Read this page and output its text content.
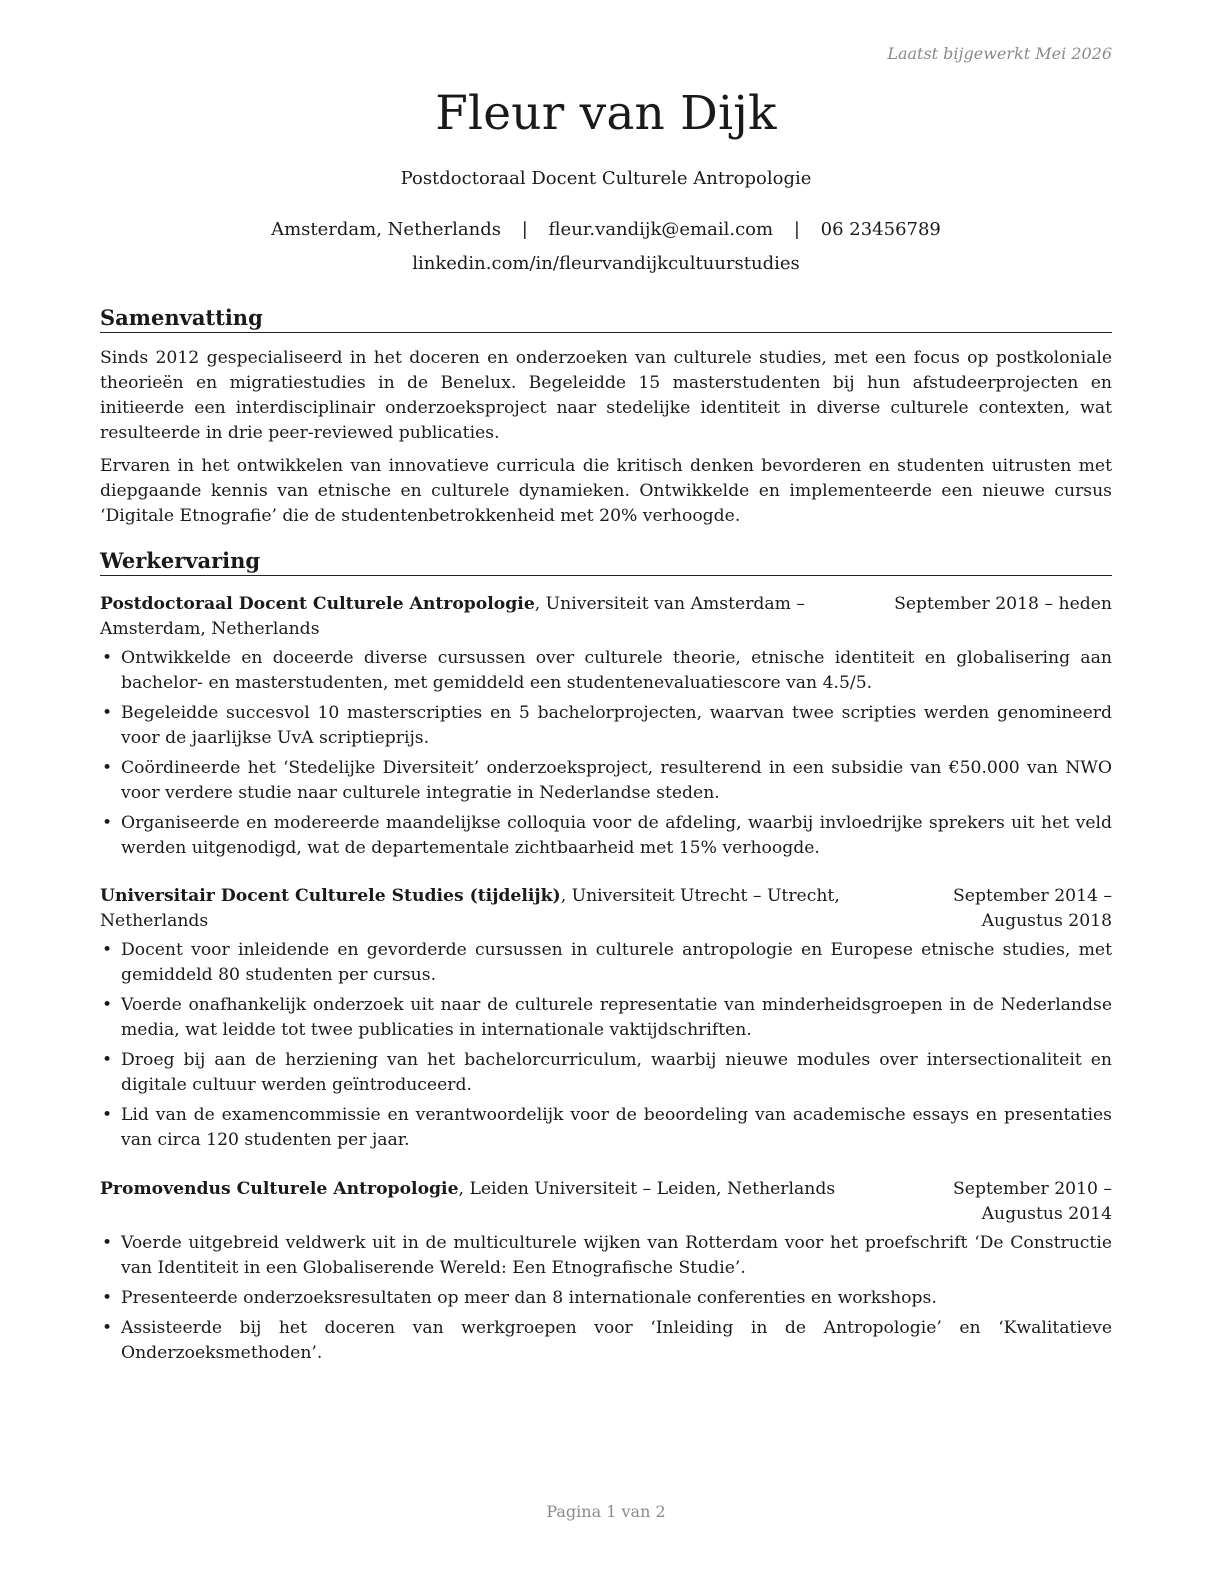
Laatst bijgewerkt Mei 2026
Fleur van Dijk
Postdoctoraal Docent Culturele Antropologie
Amsterdam, Netherlands | fleur.vandijk@email.com | 06 23456789
linkedin.com/in/fleurvandijkcultuurstudies
Samenvatting

Sinds 2012 gespecialiseerd in het doceren en onderzoeken van culturele studies, met een focus op postkoloniale theorieën en migratiestudies in de Benelux. Begeleidde 15 masterstudenten bij hun afstudeerprojecten en initieerde een interdisciplinair onderzoeksproject naar stedelijke identiteit in diverse culturele contexten, wat resulteerde in drie peer-reviewed publicaties.

Ervaren in het ontwikkelen van innovatieve curricula die kritisch denken bevorderen en studenten uitrusten met diepgaande kennis van etnische en culturele dynamieken. Ontwikkelde en implementeerde een nieuwe cursus ‘Digitale Etnografie’ die de studentenbetrokkenheid met 20% verhoogde.

Werkervaring
Postdoctoraal Docent Culturele Antropologie, Universiteit van Amsterdam – Amsterdam, Netherlands
September 2018 – heden
• Ontwikkelde en doceerde diverse cursussen over culturele theorie, etnische identiteit en globalisering aan bachelor- en masterstudenten, met gemiddeld een studentenevaluatiescore van 4.5/5.
• Begeleidde succesvol 10 masterscripties en 5 bachelorprojecten, waarvan twee scripties werden genomineerd voor de jaarlijkse UvA scriptieprijs.
• Coördineerde het ‘Stedelijke Diversiteit’ onderzoeksproject, resulterend in een subsidie van €50.000 van NWO voor verdere studie naar culturele integratie in Nederlandse steden.
• Organiseerde en modereerde maandelijkse colloquia voor de afdeling, waarbij invloedrijke sprekers uit het veld werden uitgenodigd, wat de departementale zichtbaarheid met 15% verhoogde.
Universitair Docent Culturele Studies (tijdelijk), Universiteit Utrecht – Utrecht, Netherlands
September 2014 – Augustus 2018
• Docent voor inleidende en gevorderde cursussen in culturele antropologie en Europese etnische studies, met gemiddeld 80 studenten per cursus.
• Voerde onafhankelijk onderzoek uit naar de culturele representatie van minderheidsgroepen in de Nederlandse media, wat leidde tot twee publicaties in internationale vaktijdschriften.
• Droeg bij aan de herziening van het bachelorcurriculum, waarbij nieuwe modules over intersectionaliteit en digitale cultuur werden geïntroduceerd.
• Lid van de examencommissie en verantwoordelijk voor de beoordeling van academische essays en presentaties van circa 120 studenten per jaar.
Promovendus Culturele Antropologie, Leiden Universiteit – Leiden, Netherlands	September 2010 – Augustus 2014
• Voerde uitgebreid veldwerk uit in de multiculturele wijken van Rotterdam voor het proefschrift ‘De Constructie van Identiteit in een Globaliserende Wereld: Een Etnografische Studie’.
• Presenteerde onderzoeksresultaten op meer dan 8 internationale conferenties en workshops.
• Assisteerde bij het doceren van werkgroepen voor ‘Inleiding in de Antropologie’ en ‘Kwalitatieve Onderzoeksmethoden’.
Pagina 1 van 2
